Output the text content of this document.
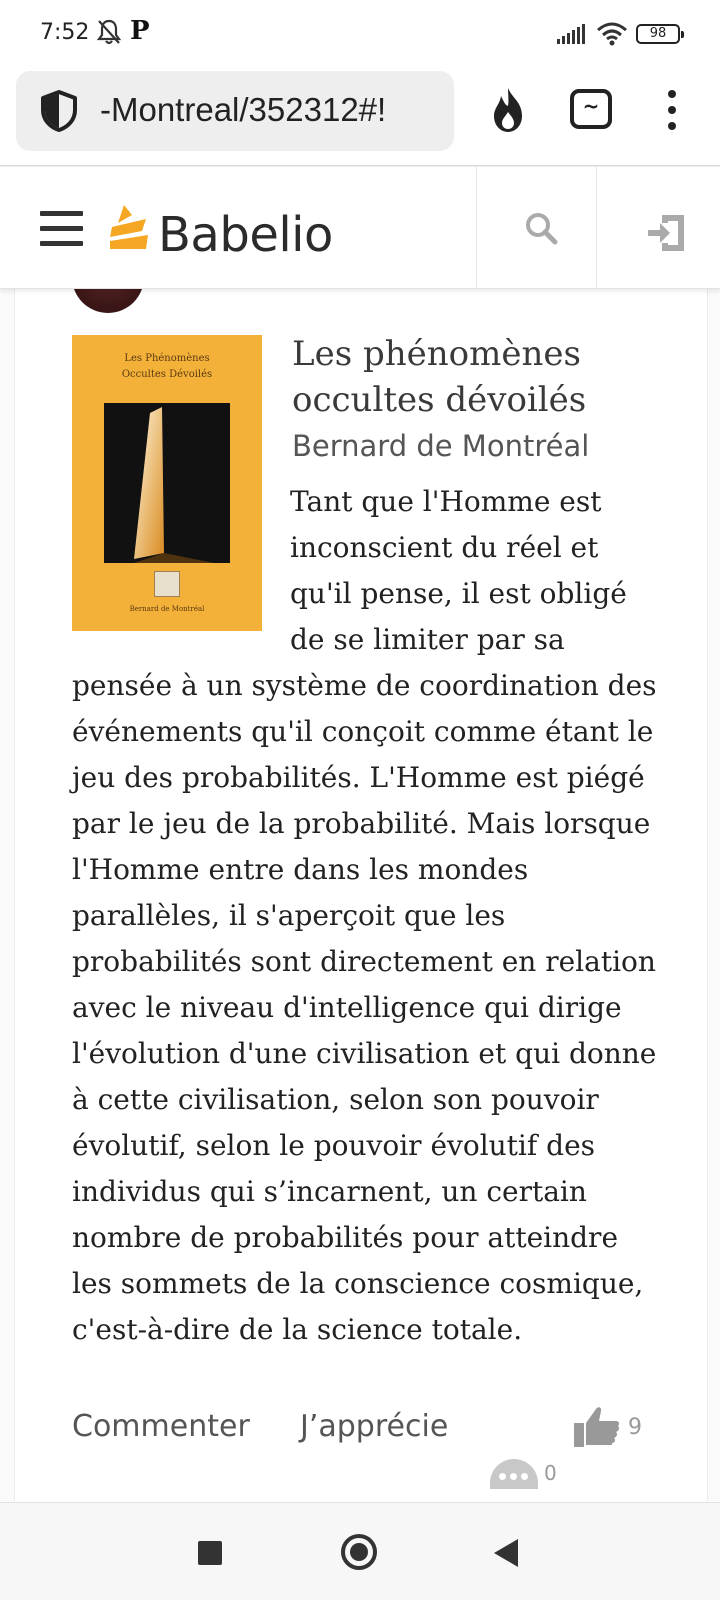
7:52 P	98
-Montreal/352312#!	~
Babelio
Les Phénomènes Occultes Dévoilés
Bernard de Montréal
Les phénomènes occultes dévoilés
Bernard de Montréal
Tant que l'Homme est inconscient du réel et qu'il pense, il est obligé de se limiter par sa pensée à un système de coordination des événements qu'il conçoit comme étant le jeu des probabilités. L'Homme est piégé par le jeu de la probabilité. Mais lorsque l'Homme entre dans les mondes parallèles, il s'aperçoit que les probabilités sont directement en relation avec le niveau d'intelligence qui dirige l'évolution d'une civilisation et qui donne à cette civilisation, selon son pouvoir évolutif, selon le pouvoir évolutif des individus qui s’incarnent, un certain nombre de probabilités pour atteindre les sommets de la conscience cosmique, c'est-à-dire de la science totale.
Commenter J’apprécie	9
0
